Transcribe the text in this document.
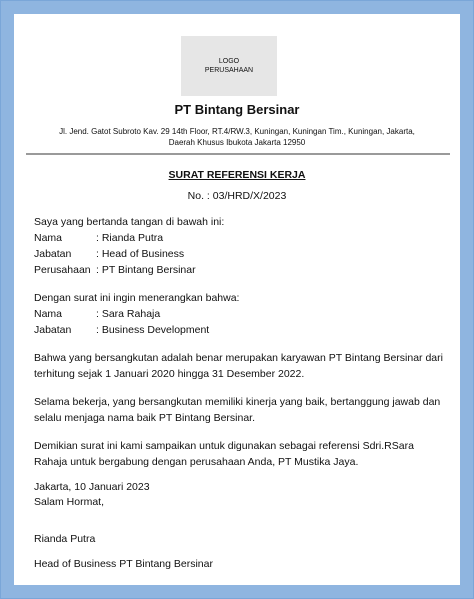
LOGO
PERUSAHAAN
PT Bintang Bersinar
Jl. Jend. Gatot Subroto Kav. 29 14th Floor, RT.4/RW.3, Kuningan, Kuningan Tim., Kuningan, Jakarta,
Daerah Khusus Ibukota Jakarta 12950
SURAT REFERENSI KERJA
No. : 03/HRD/X/2023
Saya yang bertanda tangan di bawah ini:
Nama	: Rianda Putra
Jabatan	: Head of Business
Perusahaan : PT Bintang Bersinar
Dengan surat ini ingin menerangkan bahwa:
Nama	: Sara Rahaja
Jabatan	: Business Development
Bahwa yang bersangkutan adalah benar merupakan karyawan PT Bintang Bersinar dari terhitung sejak 1 Januari 2020 hingga 31 Desember 2022.
Selama bekerja, yang bersangkutan memiliki kinerja yang baik, bertanggung jawab dan selalu menjaga nama baik PT Bintang Bersinar.
Demikian surat ini kami sampaikan untuk digunakan sebagai referensi Sdri.RSara Rahaja untuk bergabung dengan perusahaan Anda, PT Mustika Jaya.
Jakarta, 10 Januari 2023
Salam Hormat,
Rianda Putra
Head of Business PT Bintang Bersinar
